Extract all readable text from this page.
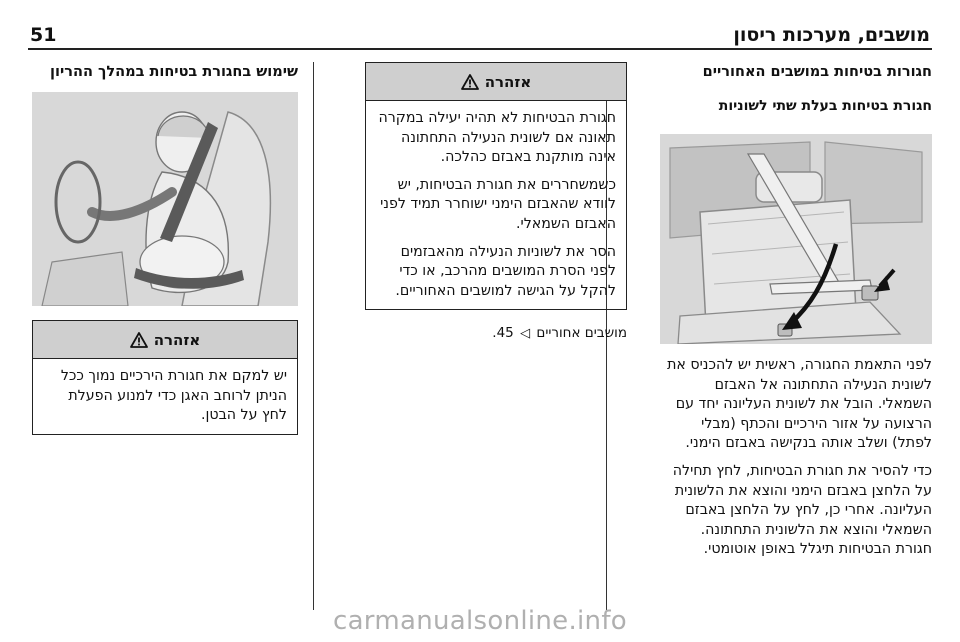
51	מושבים, מערכות ריסון
חגורות בטיחות במושבים האחוריים
חגורת בטיחות בעלת שתי לשוניות
לפני התאמת החגורה, ראשית יש להכניס את לשונית הנעילה התחתונה אל האבזם השמאלי. הובל את לשונית העליונה יחד עם הרצועה על אזור הירכיים והכתף (מבלי לפתל) ושלב אותה בנקישה באבזם הימני.
כדי להסיר את חגורת הבטיחות, לחץ תחילה על הלחצן באבזם הימני והוצא את הלשונית העליונה. אחרי כן, לחץ על הלחצן באבזם השמאלי והוצא את הלשונית התחתונה. חגורת הבטיחות תיגלל באופן אוטומטי.
אזהרה
חגורת הבטיחות לא תהיה יעילה במקרה תאונה אם לשונית הנעילה התחתונה אינה מותקנת באבזם כהלכה.
כשמשחררים את חגורת הבטיחות, יש לוודא שהאבזם הימני ישוחרר תמיד לפני האבזם השמאלי.
הסר את לשוניות הנעילה מהאבזמים לפני הסרת המושבים מהרכב, או כדי להקל על הגישה למושבים האחוריים.
מושבים אחוריים ◁ 45.
שימוש בחגורת בטיחות במהלך ההריון
אזהרה
יש למקם את חגורת הירכיים נמוך ככל הניתן לרוחב האגן כדי למנוע הפעלת לחץ על הבטן.
carmanualsonline.info
